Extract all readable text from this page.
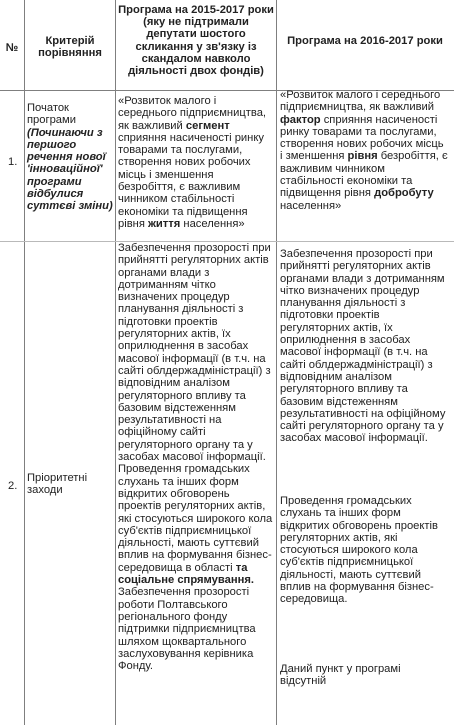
№
Критерій порівняння
Програма на 2015-2017 роки (яку не підтримали депутати шостого скликання у зв'язку із скандалом навколо діяльності двох фондів)
Програма на 2016-2017 роки
1.
Початок програми (Починаючи з першого речення нової 'інноваційної' програми відбулися суттєві зміни)

«Розвиток малого і середнього підприємництва, як важливий сегмент сприяння насиченості ринку товарами та послугами, створення нових робочих місць і зменшення безробіття, є важливим чинником стабільності економіки та підвищення рівня життя населення»

«Розвиток малого і середнього підприємництва, як важливий фактор сприяння насиченості ринку товарами та послугами, створення нових робочих місць і зменшення рівня безробіття, є важливим чинником стабільності економіки та підвищення рівня добробуту населення»

2.
Пріоритетні заходи

Забезпечення прозорості при прийнятті регуляторних актів органами влади з дотриманням чітко визначених процедур планування діяльності з підготовки проектів регуляторних актів, їх оприлюднення в засобах масової інформації (в т.ч. на сайті облдержадміністрації) з відповідним аналізом регуляторного впливу та базовим відстеженням результативності на офіційному сайті регуляторного органу та у засобах масової інформації.

Проведення громадських слухань та інших форм відкритих обговорень проектів регуляторних актів, які стосуються широкого кола суб'єктів підприємницької діяльності, мають суттєвий вплив на формування бізнес-середовища в області та соціальне спрямування.

Забезпечення прозорості роботи Полтавського регіонального фонду підтримки підприємництва шляхом щоквартального заслуховування керівника Фонду.

Забезпечення прозорості при прийнятті регуляторних актів органами влади з дотриманням чітко визначених процедур планування діяльності з підготовки проектів регуляторних актів, їх оприлюднення в засобах масової інформації (в т.ч. на сайті облдержадміністрації) з відповідним аналізом регуляторного впливу та базовим відстеженням результативності на офіційному сайті регуляторного органу та у засобах масової інформації.

Проведення громадських слухань та інших форм відкритих обговорень проектів регуляторних актів, які стосуються широкого кола суб'єктів підприємницької діяльності, мають суттєвий вплив на формування бізнес-середовища.

Даний пункт у програмі відсутній
